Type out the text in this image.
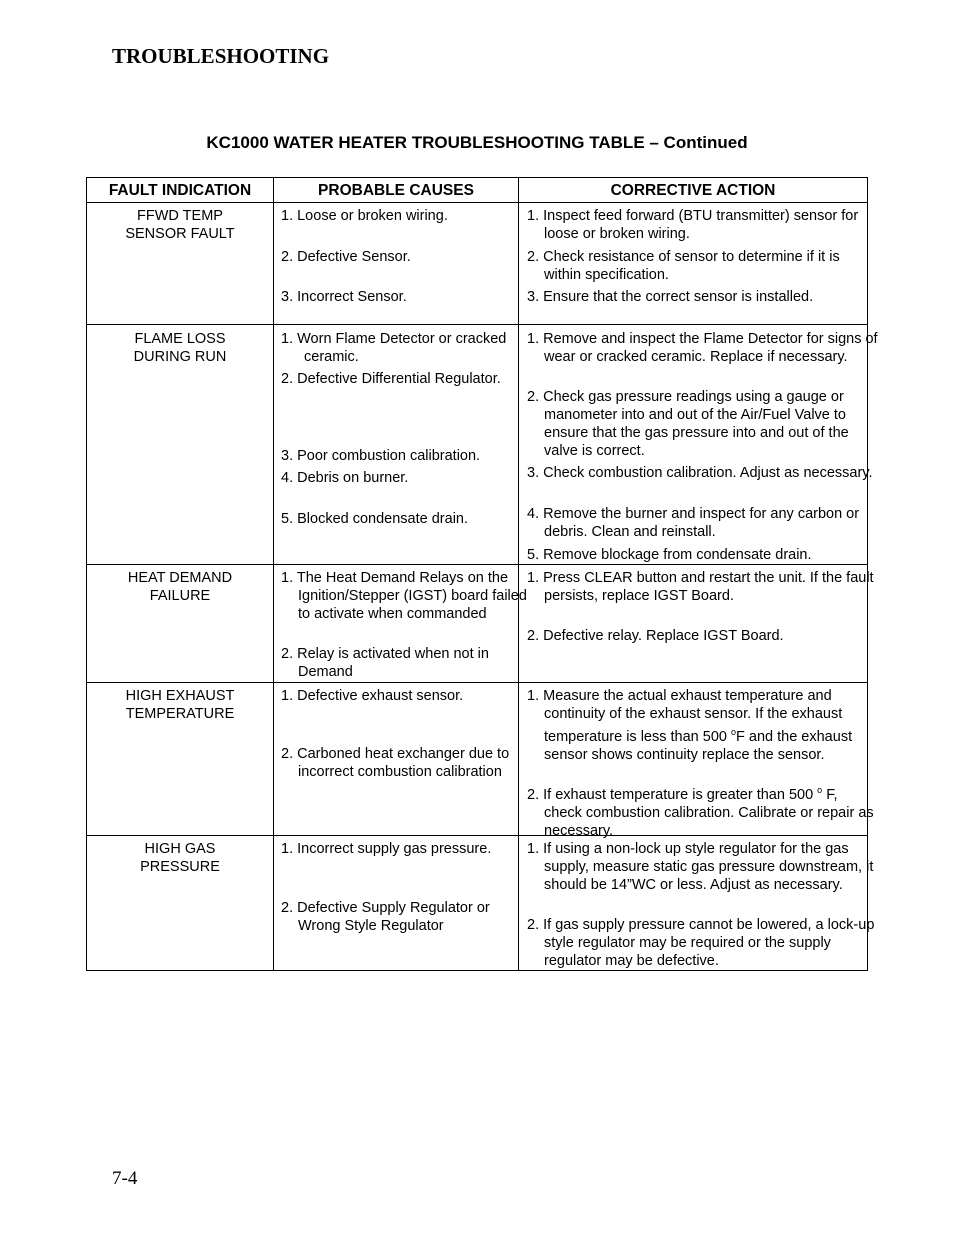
TROUBLESHOOTING
KC1000 WATER HEATER TROUBLESHOOTING TABLE – Continued
FAULT INDICATION	PROBABLE CAUSES	CORRECTIVE ACTION
FFWD TEMP
SENSOR FAULT
1. Loose or broken wiring.
2. Defective Sensor.
3. Incorrect Sensor.
1. Inspect feed forward (BTU transmitter) sensor for loose or broken wiring.
2. Check resistance of sensor to determine if it is within specification.
3. Ensure that the correct sensor is installed.
FLAME LOSS
DURING RUN
1. Worn Flame Detector or cracked ceramic.
2. Defective Differential Regulator.
3. Poor combustion calibration.
4. Debris on burner.
5. Blocked condensate drain.
1. Remove and inspect the Flame Detector for signs of wear or cracked ceramic. Replace if necessary.
2. Check gas pressure readings using a gauge or manometer into and out of the Air/Fuel Valve to ensure that the gas pressure into and out of the valve is correct.
3. Check combustion calibration. Adjust as necessary.
4. Remove the burner and inspect for any carbon or debris. Clean and reinstall.
5. Remove blockage from condensate drain.
HEAT DEMAND
FAILURE
1. The Heat Demand Relays on the Ignition/Stepper (IGST) board failed to activate when commanded
2. Relay is activated when not in Demand
1. Press CLEAR button and restart the unit. If the fault persists, replace IGST Board.
2. Defective relay. Replace IGST Board.
HIGH EXHAUST
TEMPERATURE
1. Defective exhaust sensor.
2. Carboned heat exchanger due to incorrect combustion calibration
1. Measure the actual exhaust temperature and continuity of the exhaust sensor. If the exhaust temperature is less than 500 $^o$F and the exhaust sensor shows continuity replace the sensor.
2. If exhaust temperature is greater than 500 $^o$ F, check combustion calibration. Calibrate or repair as necessary.
HIGH GAS
PRESSURE
1. Incorrect supply gas pressure.
2. Defective Supply Regulator or Wrong Style Regulator
1. If using a non-lock up style regulator for the gas supply, measure static gas pressure downstream, it should be 14”WC or less. Adjust as necessary.
2. If gas supply pressure cannot be lowered, a lock-up style regulator may be required or the supply regulator may be defective.
7-4
